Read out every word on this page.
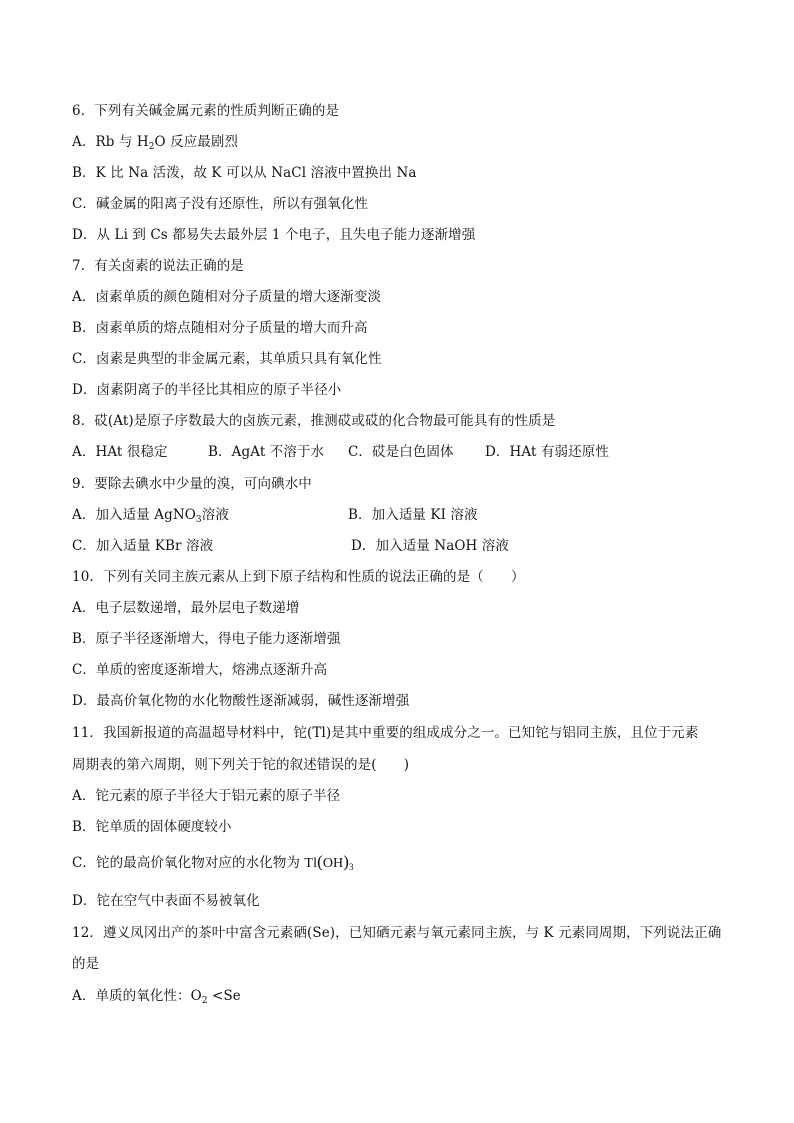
6．下列有关碱金属元素的性质判断正确的是
A．Rb 与 $H_2O$ 反应最剧烈
B．K 比 Na 活泼，故 K 可以从 NaCl 溶液中置换出 Na
C．碱金属的阳离子没有还原性，所以有强氧化性
D．从 Li 到 Cs 都易失去最外层 1 个电子，且失电子能力逐渐增强
7．有关卤素的说法正确的是
A．卤素单质的颜色随相对分子质量的增大逐渐变淡
B．卤素单质的熔点随相对分子质量的增大而升高
C．卤素是典型的非金属元素，其单质只具有氧化性
D．卤素阴离子的半径比其相应的原子半径小
8．砹(At)是原子序数最大的卤族元素，推测砹或砹的化合物最可能具有的性质是
A．HAt 很稳定	B．AgAt 不溶于水 C．砹是白色固体 D．HAt 有弱还原性
9．要除去碘水中少量的溴，可向碘水中
A．加入适量 AgNO$_3$溶液	B．加入适量 KI 溶液
C．加入适量 KBr 溶液	D．加入适量 NaOH 溶液
10．下列有关同主族元素从上到下原子结构和性质的说法正确的是（　　）
A．电子层数递增，最外层电子数递增
B．原子半径逐渐增大，得电子能力逐渐增强
C．单质的密度逐渐增大，熔沸点逐渐升高
D．最高价氧化物的水化物酸性逐渐减弱，碱性逐渐增强
11．我国新报道的高温超导材料中，铊(Tl)是其中重要的组成成分之一。已知铊与铝同主族，且位于元素
周期表的第六周期，则下列关于铊的叙述错误的是(　　)
A．铊元素的原子半径大于铝元素的原子半径
B．铊单质的固体硬度较小
C．铊的最高价氧化物对应的水化物为 $Tl(OH)_3$
D．铊在空气中表面不易被氧化
12．遵义凤冈出产的茶叶中富含元素硒(Se)，已知硒元素与氧元素同主族，与 K 元素同周期，下列说法正确
的是
A．单质的氧化性：$O_2 <Se$
